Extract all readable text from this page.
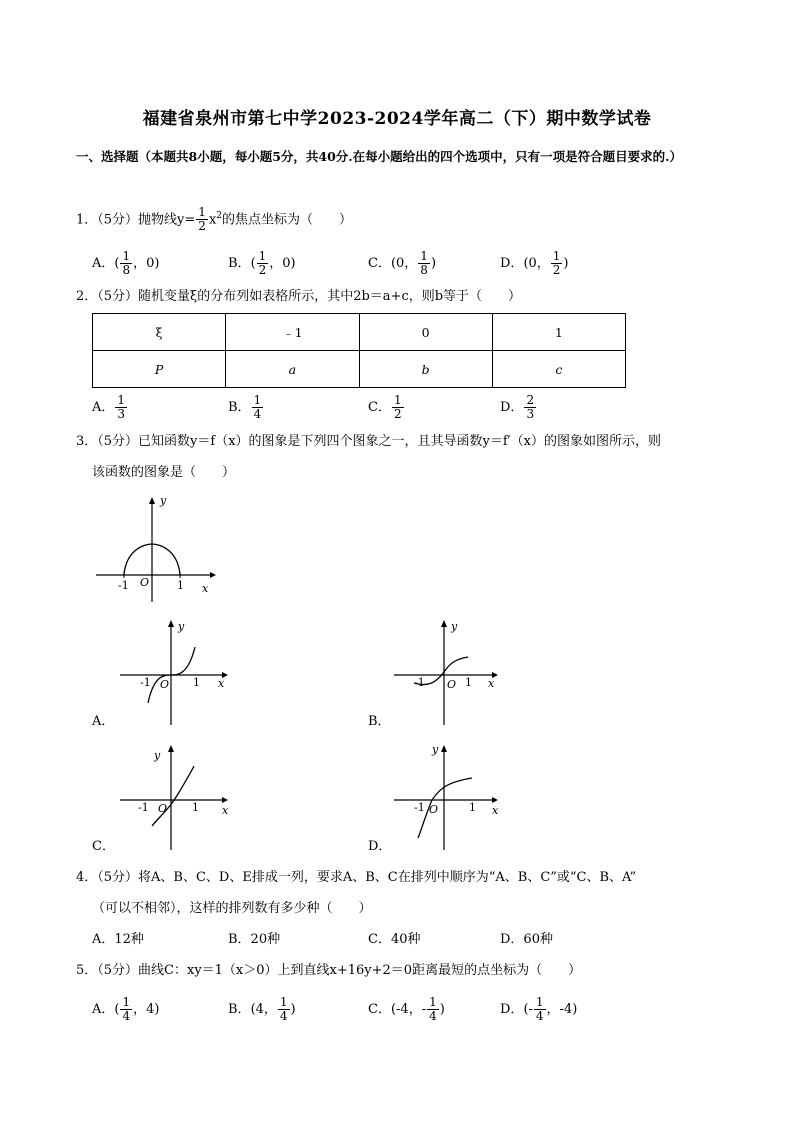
福建省泉州市第七中学2023-2024学年高二（下）期中数学试卷
一、选择题（本题共8小题，每小题5分，共40分.在每小题给出的四个选项中，只有一项是符合题目要求的.）
1．（5分）抛物线$y= \frac{1}{2} x^2$的焦点坐标为（　　）
A．( $\frac{1}{8}$ ，0)	B．( $\frac{1}{2}$ ，0)	C．(0， $\frac{1}{8}$ )	D．(0， $\frac{1}{2}$ )
2．（5分）随机变量ξ的分布列如表格所示，其中2b＝a+c，则b等于（　　）
ξ	﹣1	0	1
P	a	b	c
A． $\frac{1}{3}$	B． $\frac{1}{4}$	C． $\frac{1}{2}$	D． $\frac{2}{3}$
3．（5分）已知函数y＝f（x）的图象是下列四个图象之一，且其导函数y＝f′（x）的图象如图所示，则
该函数的图象是（　　）
y
x
O
-1	1
y
x
O
-1	1
A．
y
x
O
-1	1
B．
y
x
O
-1	1
C．
y
x
O
-1	1
D．
4．（5分）将A、B、C、D、E排成一列，要求A、B、C在排列中顺序为“A、B、C”或“C、B、A”
（可以不相邻），这样的排列数有多少种（　　）
A．12种	B．20种	C．40种	D．60种
5．（5分）曲线C：xy＝1（x＞0）上到直线x+16y+2＝0距离最短的点坐标为（　　）
A．( $\frac{1}{4}$ ，4)	B．(4， $\frac{1}{4}$ )	C．(-4，- $\frac{1}{4}$ )	D．(- $\frac{1}{4}$ ，-4)
